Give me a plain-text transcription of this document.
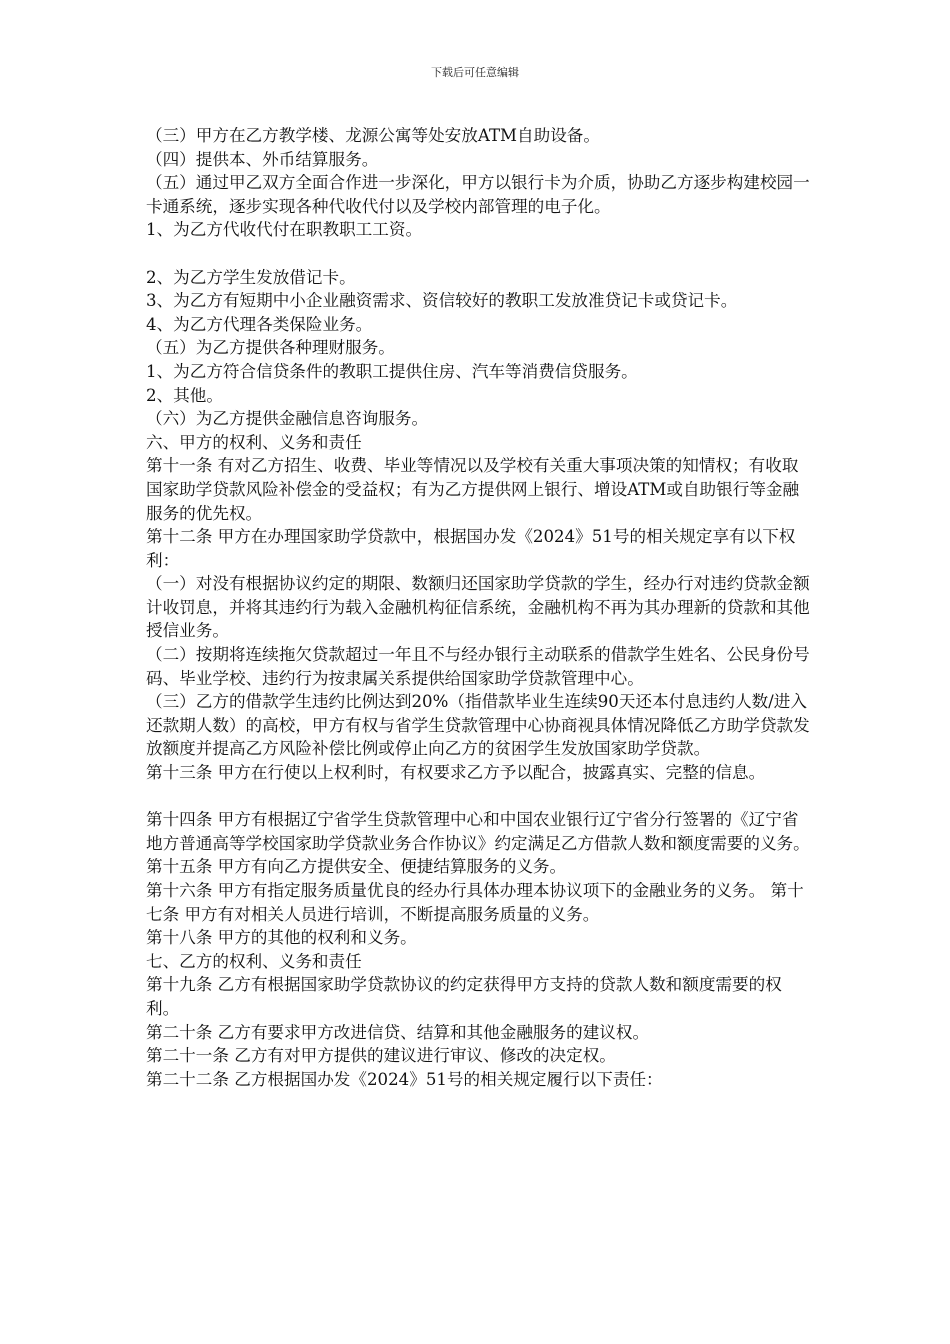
下载后可任意编辑

（三）甲方在乙方教学楼、龙源公寓等处安放ATM自助设备。

（四）提供本、外币结算服务。

（五）通过甲乙双方全面合作进一步深化，甲方以银行卡为介质，协助乙方逐步构建校园一卡通系统，逐步实现各种代收代付以及学校内部管理的电子化。

1、为乙方代收代付在职教职工工资。

2、为乙方学生发放借记卡。

3、为乙方有短期中小企业融资需求、资信较好的教职工发放准贷记卡或贷记卡。

4、为乙方代理各类保险业务。

（五）为乙方提供各种理财服务。

1、为乙方符合信贷条件的教职工提供住房、汽车等消费信贷服务。

2、其他。

（六）为乙方提供金融信息咨询服务。

六、甲方的权利、义务和责任

第十一条 有对乙方招生、收费、毕业等情况以及学校有关重大事项决策的知情权；有收取国家助学贷款风险补偿金的受益权；有为乙方提供网上银行、增设ATM或自助银行等金融服务的优先权。

第十二条 甲方在办理国家助学贷款中，根据国办发《2024》51号的相关规定享有以下权利：

（一）对没有根据协议约定的期限、数额归还国家助学贷款的学生，经办行对违约贷款金额计收罚息，并将其违约行为载入金融机构征信系统，金融机构不再为其办理新的贷款和其他授信业务。

（二）按期将连续拖欠贷款超过一年且不与经办银行主动联系的借款学生姓名、公民身份号码、毕业学校、违约行为按隶属关系提供给国家助学贷款管理中心。

（三）乙方的借款学生违约比例达到20%（指借款毕业生连续90天还本付息违约人数/进入还款期人数）的高校，甲方有权与省学生贷款管理中心协商视具体情况降低乙方助学贷款发放额度并提高乙方风险补偿比例或停止向乙方的贫困学生发放国家助学贷款。

第十三条 甲方在行使以上权利时，有权要求乙方予以配合，披露真实、完整的信息。

第十四条 甲方有根据辽宁省学生贷款管理中心和中国农业银行辽宁省分行签署的《辽宁省地方普通高等学校国家助学贷款业务合作协议》约定满足乙方借款人数和额度需要的义务。 第十五条 甲方有向乙方提供安全、便捷结算服务的义务。

第十六条 甲方有指定服务质量优良的经办行具体办理本协议项下的金融业务的义务。 第十七条 甲方有对相关人员进行培训，不断提高服务质量的义务。

第十八条 甲方的其他的权利和义务。

七、乙方的权利、义务和责任

第十九条 乙方有根据国家助学贷款协议的约定获得甲方支持的贷款人数和额度需要的权利。

第二十条 乙方有要求甲方改进信贷、结算和其他金融服务的建议权。

第二十一条 乙方有对甲方提供的建议进行审议、修改的决定权。

第二十二条 乙方根据国办发《2024》51号的相关规定履行以下责任：
